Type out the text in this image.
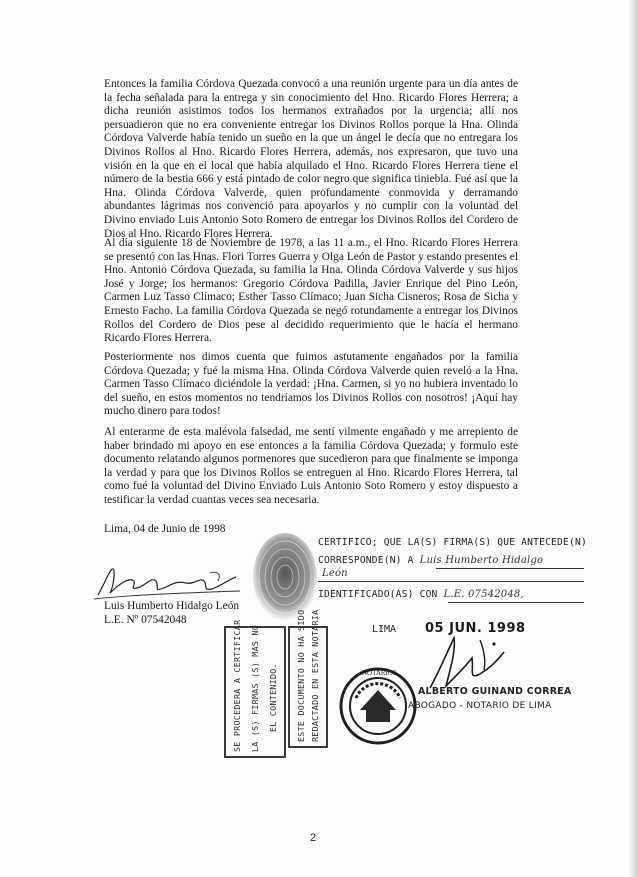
Entonces la familia Córdova Quezada convocó a una reunión urgente para un día antes de la fecha señalada para la entrega y sin conocimiento del Hno. Ricardo Flores Herrera; a dicha reunión asistimos todos los hermanos extrañados por la urgencia; allí nos persuadieron que no era conveniente entregar los Divinos Rollos porque la Hna. Olinda Córdova Valverde había tenido un sueño en la que un ángel le decía que no entregara los Divinos Rollos al Hno. Ricardo Flores Herrera, además, nos expresaron, que tuvo una visión en la que en el local que había alquilado el Hno. Ricardo Flores Herrera tiene el número de la bestia 666 y está pintado de color negro que significa tiniebla. Fué así que la Hna. Olinda Córdova Valverde, quien profundamente conmovida y derramando abundantes lágrimas nos convenció para apoyarlos y no cumplir con la voluntad del Divino enviado Luis Antonio Soto Romero de entregar los Divinos Rollos del Cordero de Dios al Hno. Ricardo Flores Herrera.

Al día siguiente 18 de Noviembre de 1978, a las 11 a.m., el Hno. Ricardo Flores Herrera se presentó con las Hnas. Flori Torres Guerra y Olga León de Pastor y estando presentes el Hno. Antonio Córdova Quezada, su familia la Hna. Olinda Córdova Valverde y sus hijos José y Jorge; los hermanos: Gregorio Córdova Padilla, Javier Enrique del Pino León, Carmen Luz Tasso Clímaco; Esther Tasso Clímaco; Juan Sicha Cisneros; Rosa de Sicha y Ernesto Facho. La familia Córdova Quezada se negó rotundamente a entregar los Divinos Rollos del Cordero de Dios pese al decidido requerimiento que le hacía el hermano Ricardo Flores Herrera.

Posteriormente nos dimos cuenta que fuimos astutamente engañados por la familia Córdova Quezada; y fué la misma Hna. Olinda Córdova Valverde quien reveló a la Hna. Carmen Tasso Clímaco diciéndole la verdad: ¡Hna. Carmen, si yo no hubiera inventado lo del sueño, en estos momentos no tendríamos los Divinos Rollos con nosotros! ¡Aquí hay mucho dinero para todos!

Al enterarme de esta malévola falsedad, me sentí vilmente engañado y me arrepiento de haber brindado mi apoyo en ese entonces a la familia Córdova Quezada; y formulo este documento relatando algunos pormenores que sucedieron para que finalmente se imponga la verdad y para que los Divinos Rollos se entreguen al Hno. Ricardo Flores Herrera, tal como fué la voluntad del Divino Enviado Luis Antonio Soto Romero y estoy dispuesto a testificar la verdad cuantas veces sea necesaria.

Lima, 04 de Junio de 1998
Luis Humberto Hidalgo León
L.E. Nº 07542048
CERTIFICO; QUE LA(S) FIRMA(S) QUE ANTECEDE(N)
CORRESPONDE(N) A Luis Humberto Hidalgo
León
IDENTIFICADO(AS) CON L.E. 07542048,
LIMA 05 JUN. 1998
SE PROCEDERA A CERTIFICAR LA (S) FIRMAS (S) MAS NO EL CONTENIDO. ESTE DOCUMENTO NO HA SIDO REDACTADO EN ESTA NOTARIA	NOTARIOS
ALBERTO GUINAND CORREA
ABOGADO - NOTARIO DE LIMA
2
